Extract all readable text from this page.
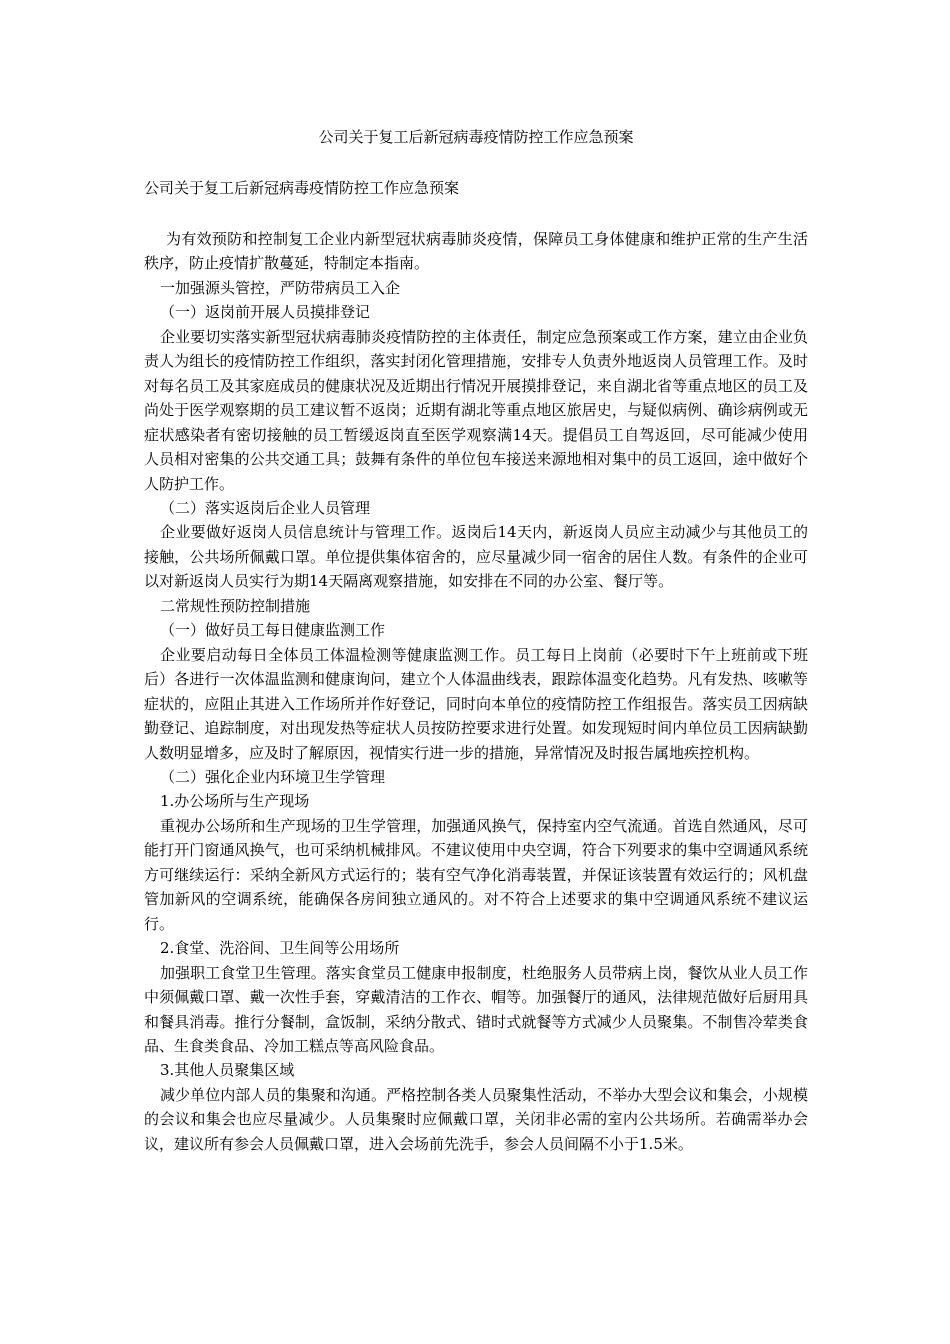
公司关于复工后新冠病毒疫情防控工作应急预案
公司关于复工后新冠病毒疫情防控工作应急预案

为有效预防和控制复工企业内新型冠状病毒肺炎疫情，保障员工身体健康和维护正常的生产生活秩序，防止疫情扩散蔓延，特制定本指南。

一加强源头管控，严防带病员工入企

（一）返岗前开展人员摸排登记

企业要切实落实新型冠状病毒肺炎疫情防控的主体责任，制定应急预案或工作方案，建立由企业负责人为组长的疫情防控工作组织，落实封闭化管理措施，安排专人负责外地返岗人员管理工作。及时对每名员工及其家庭成员的健康状况及近期出行情况开展摸排登记，来自湖北省等重点地区的员工及尚处于医学观察期的员工建议暂不返岗；近期有湖北等重点地区旅居史，与疑似病例、确诊病例或无症状感染者有密切接触的员工暂缓返岗直至医学观察满14天。提倡员工自驾返回，尽可能减少使用人员相对密集的公共交通工具；鼓舞有条件的单位包车接送来源地相对集中的员工返回，途中做好个人防护工作。

（二）落实返岗后企业人员管理

企业要做好返岗人员信息统计与管理工作。返岗后14天内，新返岗人员应主动减少与其他员工的接触，公共场所佩戴口罩。单位提供集体宿舍的，应尽量减少同一宿舍的居住人数。有条件的企业可以对新返岗人员实行为期14天隔离观察措施，如安排在不同的办公室、餐厅等。

二常规性预防控制措施

（一）做好员工每日健康监测工作

企业要启动每日全体员工体温检测等健康监测工作。员工每日上岗前（必要时下午上班前或下班后）各进行一次体温监测和健康询问，建立个人体温曲线表，跟踪体温变化趋势。凡有发热、咳嗽等症状的，应阻止其进入工作场所并作好登记，同时向本单位的疫情防控工作组报告。落实员工因病缺勤登记、追踪制度，对出现发热等症状人员按防控要求进行处置。如发现短时间内单位员工因病缺勤人数明显增多，应及时了解原因，视情实行进一步的措施，异常情况及时报告属地疾控机构。

（二）强化企业内环境卫生学管理

1.办公场所与生产现场

重视办公场所和生产现场的卫生学管理，加强通风换气，保持室内空气流通。首选自然通风，尽可能打开门窗通风换气，也可采纳机械排风。不建议使用中央空调，符合下列要求的集中空调通风系统方可继续运行：采纳全新风方式运行的；装有空气净化消毒装置，并保证该装置有效运行的；风机盘管加新风的空调系统，能确保各房间独立通风的。对不符合上述要求的集中空调通风系统不建议运行。

2.食堂、洗浴间、卫生间等公用场所

加强职工食堂卫生管理。落实食堂员工健康申报制度，杜绝服务人员带病上岗，餐饮从业人员工作中须佩戴口罩、戴一次性手套，穿戴清洁的工作衣、帽等。加强餐厅的通风，法律规范做好后厨用具和餐具消毒。推行分餐制，盒饭制，采纳分散式、错时式就餐等方式减少人员聚集。不制售冷荤类食品、生食类食品、冷加工糕点等高风险食品。

3.其他人员聚集区域

减少单位内部人员的集聚和沟通。严格控制各类人员聚集性活动，不举办大型会议和集会，小规模的会议和集会也应尽量减少。人员集聚时应佩戴口罩，关闭非必需的室内公共场所。若确需举办会议，建议所有参会人员佩戴口罩，进入会场前先洗手，参会人员间隔不小于1.5米。
